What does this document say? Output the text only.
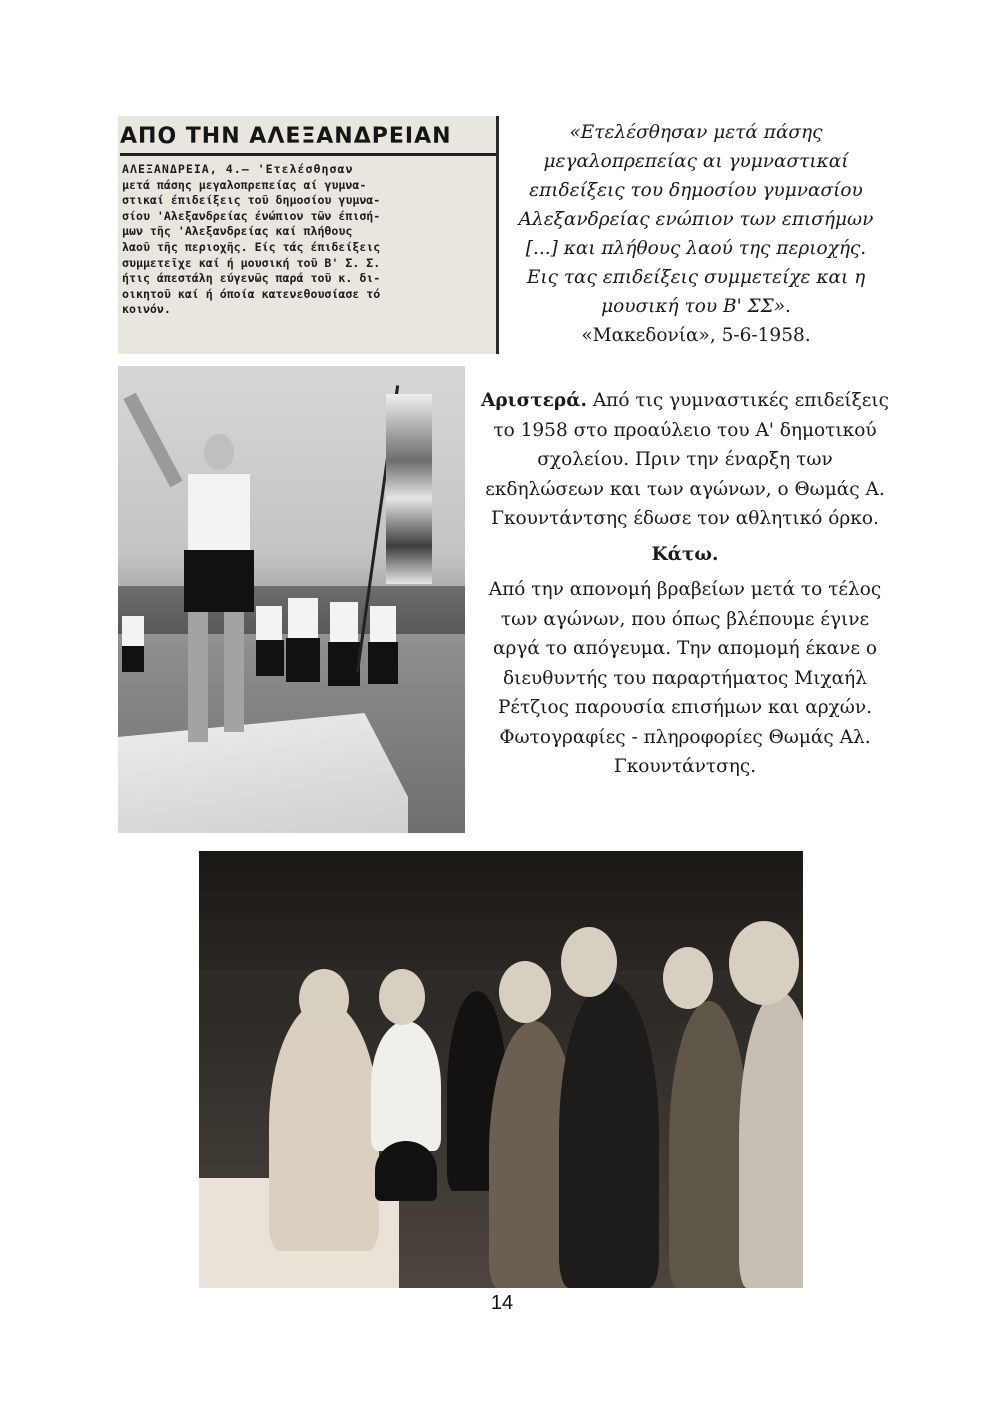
ΑΠΟ ΤΗΝ ΑΛΕΞΑΝΔΡΕΙΑΝ
ΑΛΕΞΑΝΔΡΕΙΑ, 4.— 'Ετελέσθησαν
μετά πάσης μεγαλοπρεπείας αί γυμνα-
στικαί έπιδείξεις τοῦ δημοσίου γυμνα-
σίου 'Αλεξανδρείας ένώπιον τῶν έπισή-
μων τῆς 'Αλεξανδρείας καί πλήθους
λαοῦ τῆς περιοχῆς. Είς τάς έπιδείξεις
συμμετεῖχε καί ή μουσική τοῦ Β' Σ. Σ.
ήτις άπεστάλη εύγενῶς παρά τοῦ κ. δι-
οικητοῦ καί ή όποία κατενεθουσίασε τό
κοινόν.
«Ετελέσθησαν μετά πάσης μεγαλοπρεπείας αι γυμναστικαί επιδείξεις του δημοσίου γυμνασίου Αλεξανδρείας ενώπιον των επισήμων [...] και πλήθους λαού της περιοχής. Εις τας επιδείξεις συμμετείχε και η μουσική του Β' ΣΣ».
«Μακεδονία», 5-6-1958.
Αριστερά. Από τις γυμναστικές επιδείξεις το 1958 στο προαύλειο του Α' δημοτικού σχολείου. Πριν την έναρξη των εκδηλώσεων και των αγώνων, ο Θωμάς Α. Γκουντάντσης έδωσε τον αθλητικό όρκο.
Κάτω.
Από την απονομή βραβείων μετά το τέλος των αγώνων, που όπως βλέπουμε έγινε αργά το απόγευμα. Την απομομή έκανε ο διευθυντής του παραρτήματος Μιχαήλ Ρέτζιος παρουσία επισήμων και αρχών.
Φωτογραφίες - πληροφορίες Θωμάς Αλ. Γκουντάντσης.
14
